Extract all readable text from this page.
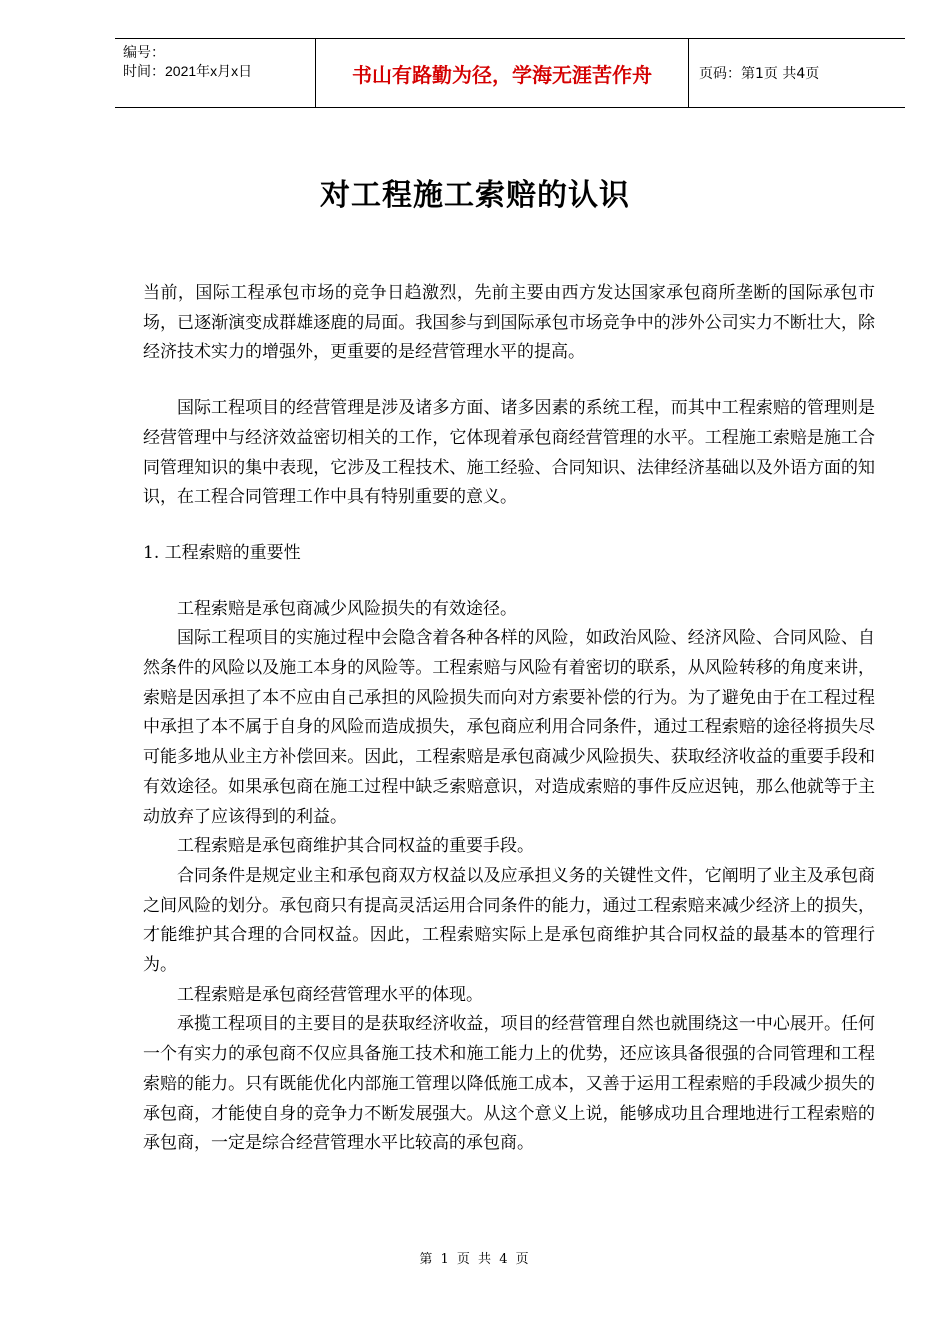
编号：
时间：2021年x月x日	书山有路勤为径，学海无涯苦作舟	页码：第1页 共4页
对工程施工索赔的认识

当前，国际工程承包市场的竞争日趋激烈，先前主要由西方发达国家承包商所垄断的国际承包市场，已逐渐演变成群雄逐鹿的局面。我国参与到国际承包市场竞争中的涉外公司实力不断壮大，除经济技术实力的增强外，更重要的是经营管理水平的提高。

国际工程项目的经营管理是涉及诸多方面、诸多因素的系统工程，而其中工程索赔的管理则是经营管理中与经济效益密切相关的工作，它体现着承包商经营管理的水平。工程施工索赔是施工合同管理知识的集中表现，它涉及工程技术、施工经验、合同知识、法律经济基础以及外语方面的知识，在工程合同管理工作中具有特别重要的意义。

1. 工程索赔的重要性

工程索赔是承包商减少风险损失的有效途径。

国际工程项目的实施过程中会隐含着各种各样的风险，如政治风险、经济风险、合同风险、自然条件的风险以及施工本身的风险等。工程索赔与风险有着密切的联系，从风险转移的角度来讲，索赔是因承担了本不应由自己承担的风险损失而向对方索要补偿的行为。为了避免由于在工程过程中承担了本不属于自身的风险而造成损失，承包商应利用合同条件，通过工程索赔的途径将损失尽可能多地从业主方补偿回来。因此，工程索赔是承包商减少风险损失、获取经济收益的重要手段和有效途径。如果承包商在施工过程中缺乏索赔意识，对造成索赔的事件反应迟钝，那么他就等于主动放弃了应该得到的利益。

工程索赔是承包商维护其合同权益的重要手段。

合同条件是规定业主和承包商双方权益以及应承担义务的关键性文件，它阐明了业主及承包商之间风险的划分。承包商只有提高灵活运用合同条件的能力，通过工程索赔来减少经济上的损失，才能维护其合理的合同权益。因此，工程索赔实际上是承包商维护其合同权益的最基本的管理行为。

工程索赔是承包商经营管理水平的体现。

承揽工程项目的主要目的是获取经济收益，项目的经营管理自然也就围绕这一中心展开。任何一个有实力的承包商不仅应具备施工技术和施工能力上的优势，还应该具备很强的合同管理和工程索赔的能力。只有既能优化内部施工管理以降低施工成本，又善于运用工程索赔的手段减少损失的承包商，才能使自身的竞争力不断发展强大。从这个意义上说，能够成功且合理地进行工程索赔的承包商，一定是综合经营管理水平比较高的承包商。

第 1 页 共 4 页
